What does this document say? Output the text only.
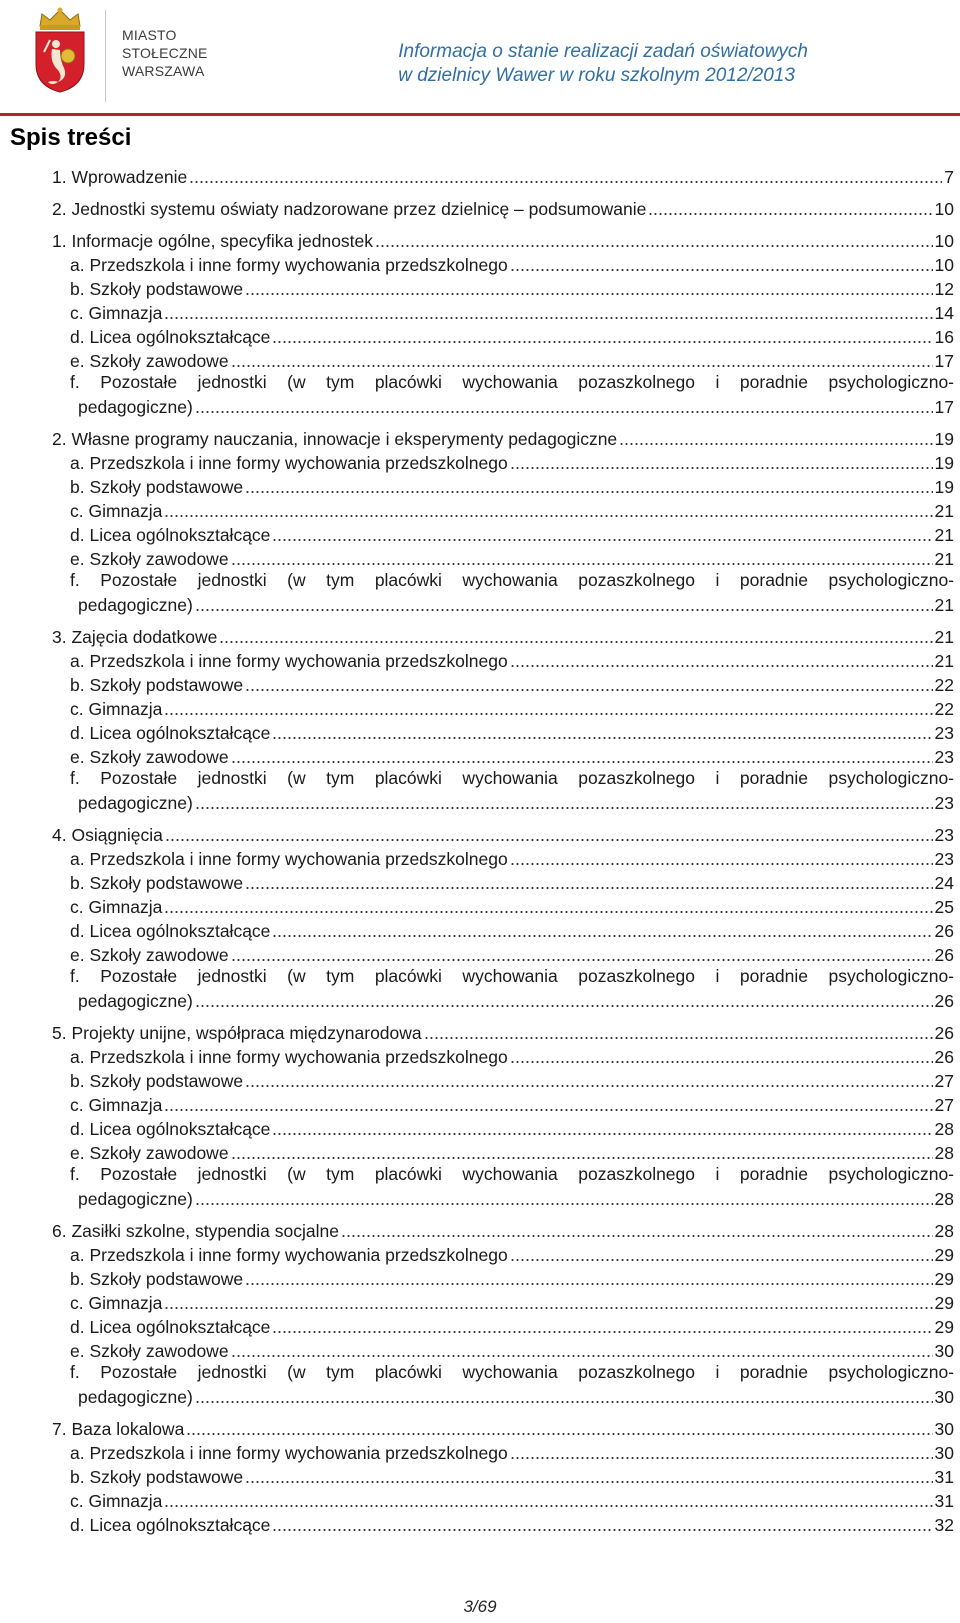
MIASTO
STOŁECZNE
WARSZAWA
Informacja o stanie realizacji zadań oświatowych
w dzielnicy Wawer w roku szkolnym 2012/2013
Spis treści
1. Wprowadzenie	7
2. Jednostki systemu oświaty nadzorowane przez dzielnicę – podsumowanie	10
1. Informacje ogólne, specyfika jednostek	10
a. Przedszkola i inne formy wychowania przedszkolnego	10
b. Szkoły podstawowe	12
c. Gimnazja	14
d. Licea ogólnokształcące	16
e. Szkoły zawodowe	17
f. Pozostałe jednostki (w tym placówki wychowania pozaszkolnego i poradnie psychologiczno-
pedagogiczne)	17
2. Własne programy nauczania, innowacje i eksperymenty pedagogiczne	19
a. Przedszkola i inne formy wychowania przedszkolnego	19
b. Szkoły podstawowe	19
c. Gimnazja	21
d. Licea ogólnokształcące	21
e. Szkoły zawodowe	21
f. Pozostałe jednostki (w tym placówki wychowania pozaszkolnego i poradnie psychologiczno-
pedagogiczne)	21
3. Zajęcia dodatkowe	21
a. Przedszkola i inne formy wychowania przedszkolnego	21
b. Szkoły podstawowe	22
c. Gimnazja	22
d. Licea ogólnokształcące	23
e. Szkoły zawodowe	23
f. Pozostałe jednostki (w tym placówki wychowania pozaszkolnego i poradnie psychologiczno-
pedagogiczne)	23
4. Osiągnięcia	23
a. Przedszkola i inne formy wychowania przedszkolnego	23
b. Szkoły podstawowe	24
c. Gimnazja	25
d. Licea ogólnokształcące	26
e. Szkoły zawodowe	26
f. Pozostałe jednostki (w tym placówki wychowania pozaszkolnego i poradnie psychologiczno-
pedagogiczne)	26
5. Projekty unijne, współpraca międzynarodowa	26
a. Przedszkola i inne formy wychowania przedszkolnego	26
b. Szkoły podstawowe	27
c. Gimnazja	27
d. Licea ogólnokształcące	28
e. Szkoły zawodowe	28
f. Pozostałe jednostki (w tym placówki wychowania pozaszkolnego i poradnie psychologiczno-
pedagogiczne)	28
6. Zasiłki szkolne, stypendia socjalne	28
a. Przedszkola i inne formy wychowania przedszkolnego	29
b. Szkoły podstawowe	29
c. Gimnazja	29
d. Licea ogólnokształcące	29
e. Szkoły zawodowe	30
f. Pozostałe jednostki (w tym placówki wychowania pozaszkolnego i poradnie psychologiczno-
pedagogiczne)	30
7. Baza lokalowa	30
a. Przedszkola i inne formy wychowania przedszkolnego	30
b. Szkoły podstawowe	31
c. Gimnazja	31
d. Licea ogólnokształcące	32
3/69
